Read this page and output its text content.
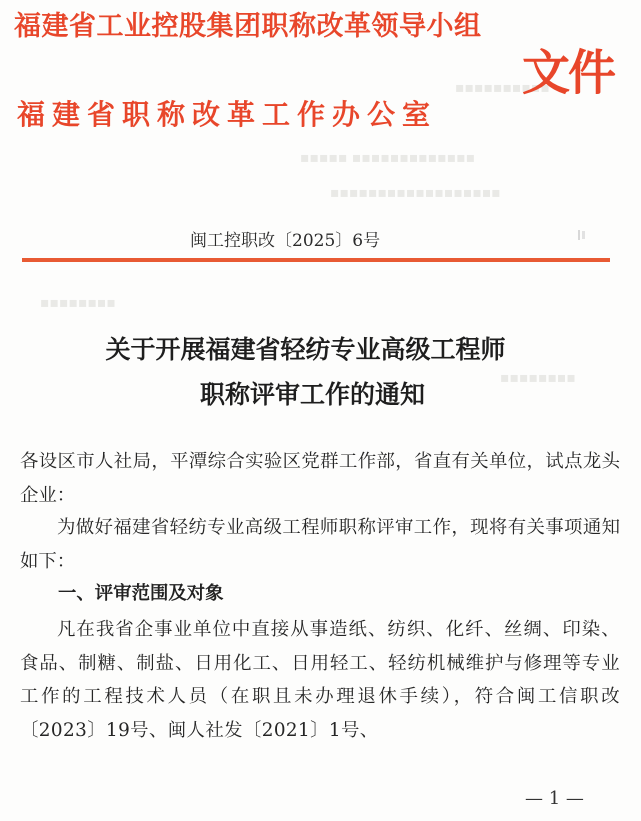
▪▪▪▪▪▪▪▪▪▪
▪▪▪▪▪ ▪▪▪▪▪▪▪▪▪▪▪▪▪
▪▪▪▪▪▪▪▪▪▪▪▪▪▪▪▪▪▪
▪▪▪▪▪▪▪▪
▪▪▪▪▪▪▪▪
福建省工业控股集团职称改革领导小组
福建省职称改革工作办公室
文件
闽工控职改〔2025〕6号
关于开展福建省轻纺专业高级工程师
职称评审工作的通知
各设区市人社局，平潭综合实验区党群工作部，省直有关单位，试点龙头企业：
为做好福建省轻纺专业高级工程师职称评审工作，现将有关事项通知如下：
一、评审范围及对象
凡在我省企事业单位中直接从事造纸、纺织、化纤、丝绸、印染、食品、制糖、制盐、日用化工、日用轻工、轻纺机械维护与修理等专业工作的工程技术人员（在职且未办理退休手续），符合闽工信职改〔2023〕19号、闽人社发〔2021〕1号、
— 1 —
